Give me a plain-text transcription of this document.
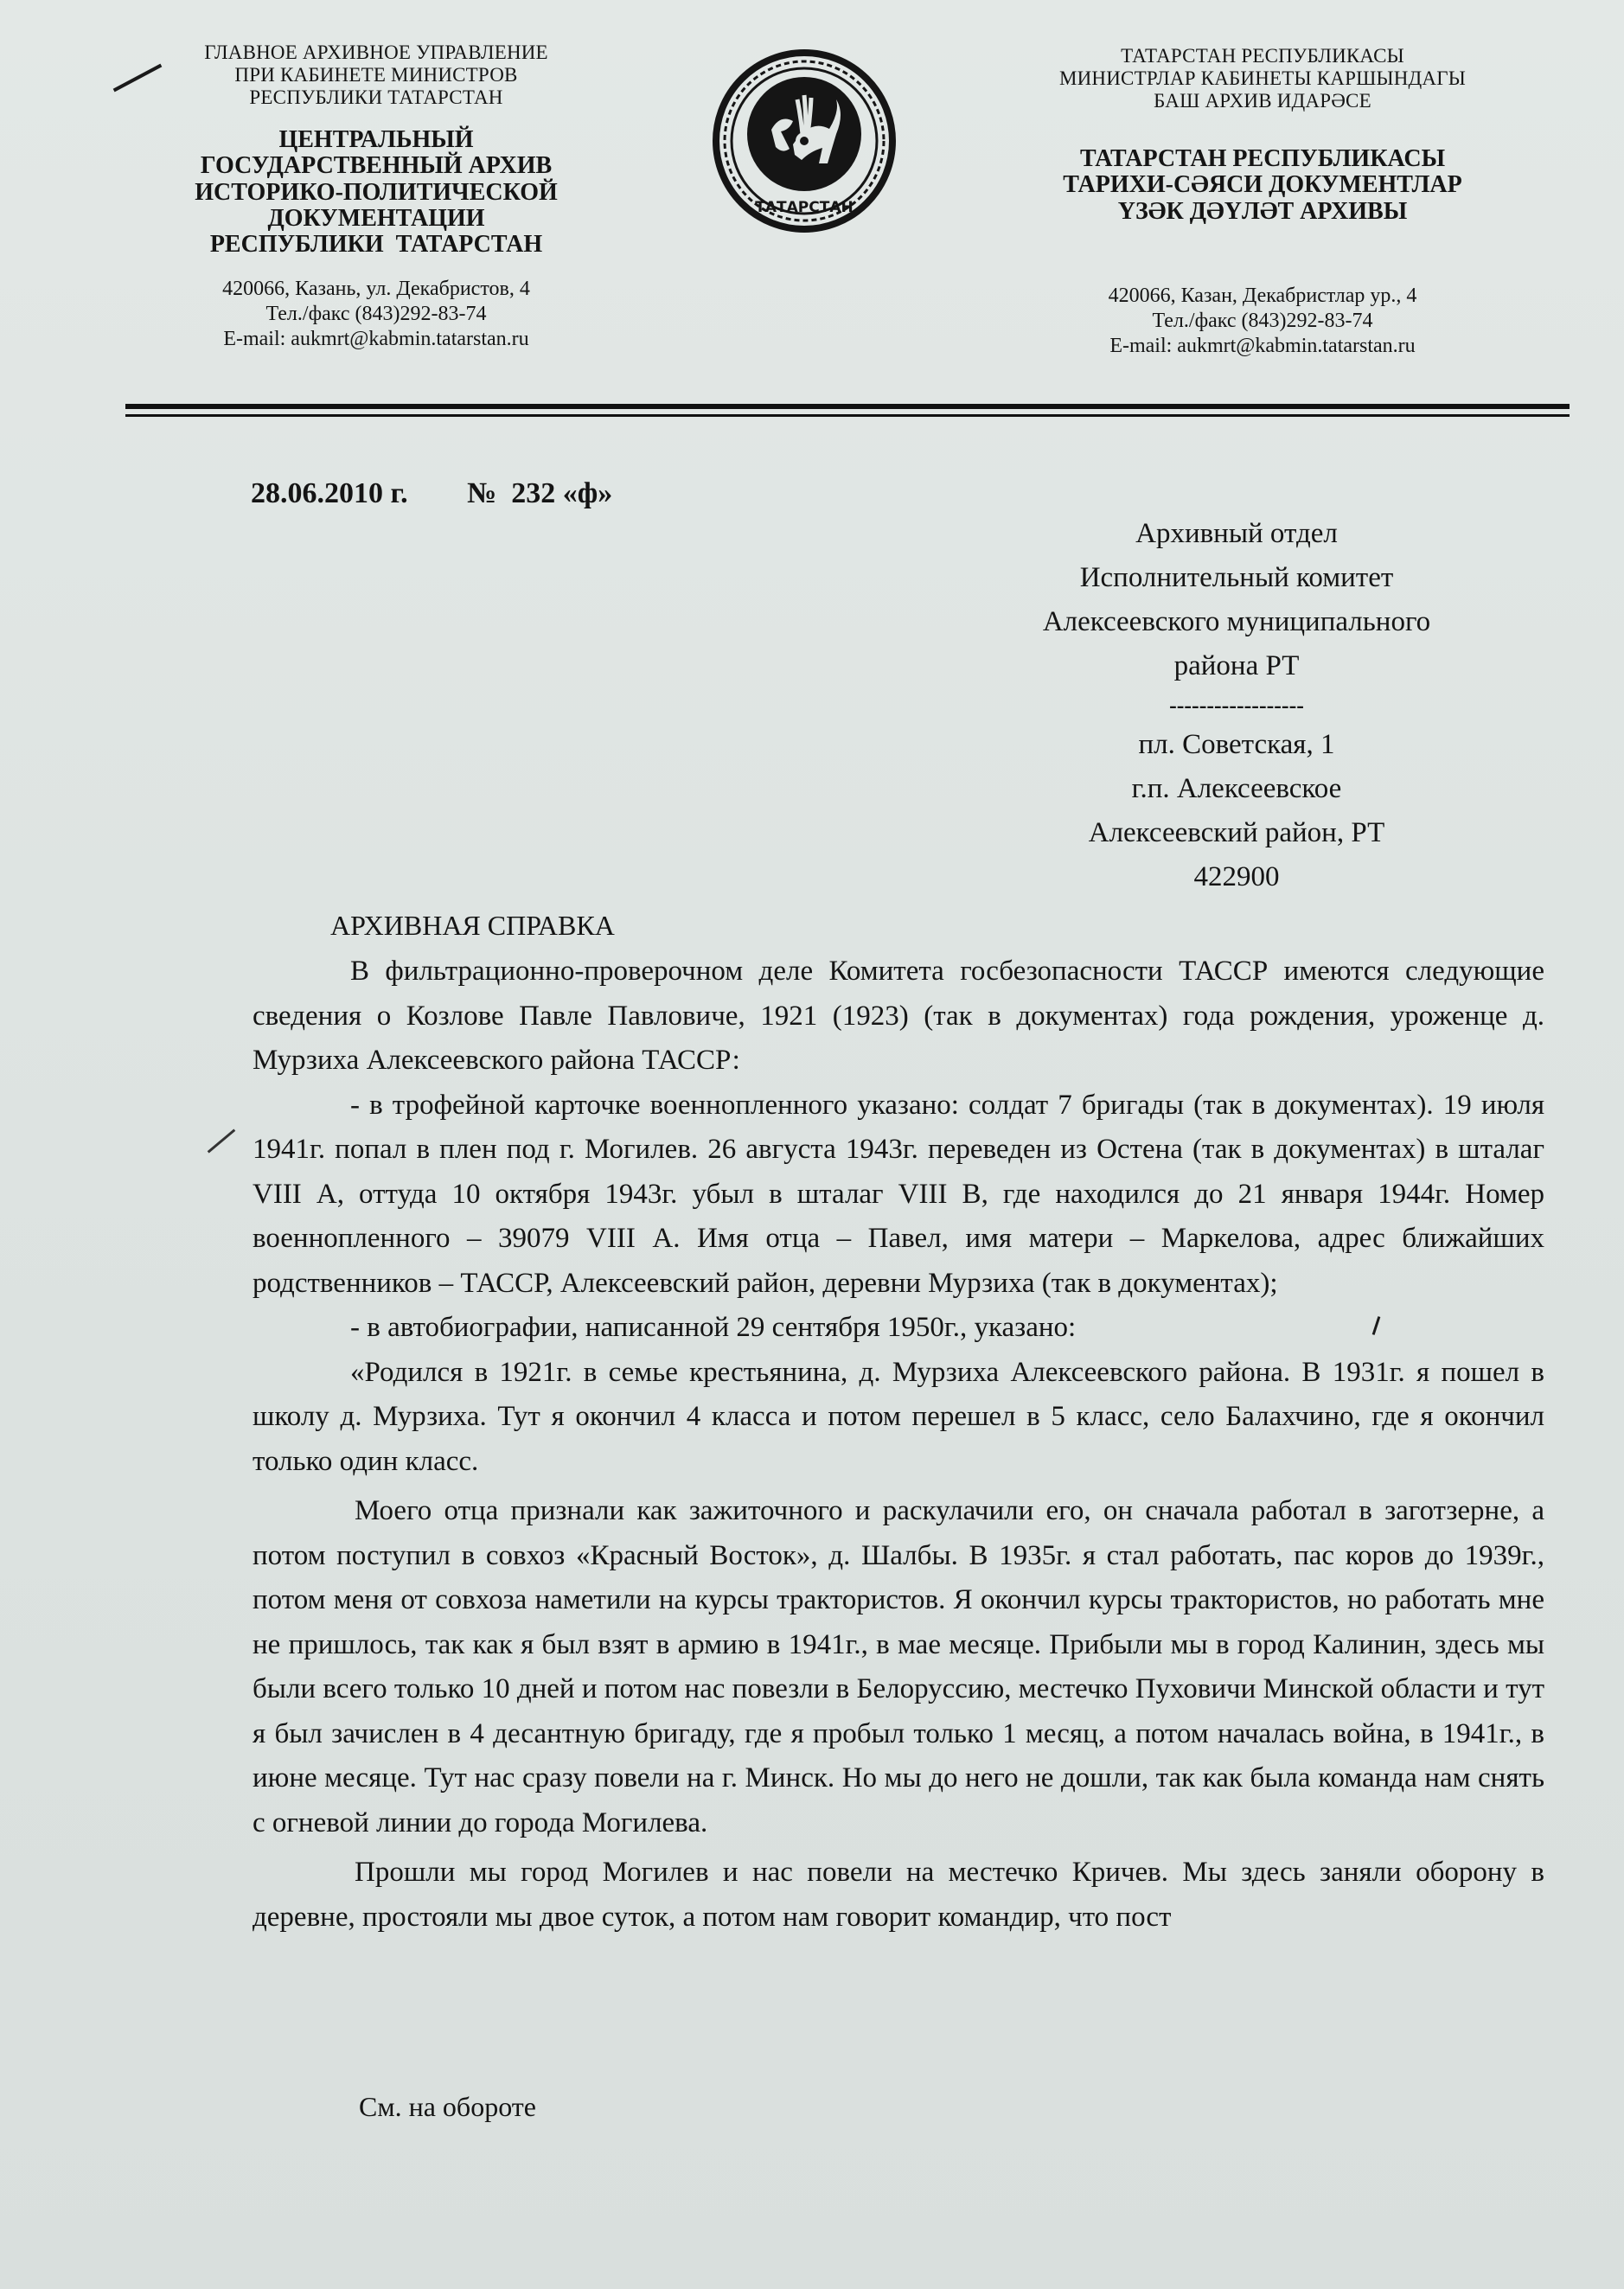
ГЛАВНОЕ АРХИВНОЕ УПРАВЛЕНИЕ
ПРИ КАБИНЕТЕ МИНИСТРОВ
РЕСПУБЛИКИ ТАТАРСТАН
ЦЕНТРАЛЬНЫЙ
ГОСУДАРСТВЕННЫЙ АРХИВ
ИСТОРИКО-ПОЛИТИЧЕСКОЙ
ДОКУМЕНТАЦИИ
РЕСПУБЛИКИ  ТАТАРСТАН
420066, Казань, ул. Декабристов, 4
Тел./факс (843)292-83-74
E-mail: aukmrt@kabmin.tatarstan.ru
ТАТАРСТАН
ТАТАРСТАН РЕСПУБЛИКАСЫ
МИНИСТРЛАР КАБИНЕТЫ КАРШЫНДАГЫ
БАШ АРХИВ ИДАРӘСЕ
ТАТАРСТАН РЕСПУБЛИКАСЫ
ТАРИХИ-СӘЯСИ ДОКУМЕНТЛАР
ҮЗӘК ДӘҮЛӘТ АРХИВЫ
420066, Казан, Декабристлар ур., 4
Тел./факс (843)292-83-74
E-mail: aukmrt@kabmin.tatarstan.ru
28.06.2010 г. №  232 «ф»
Архивный отдел
Исполнительный комитет
Алексеевского муниципального
района РТ
------------------
пл. Советская, 1
г.п. Алексеевское
Алексеевский район, РТ
422900
АРХИВНАЯ СПРАВКА

В фильтрационно-проверочном деле Комитета госбезопасности ТАССР имеются следующие сведения о Козлове Павле Павловиче, 1921 (1923) (так в документах) года рождения, уроженце д. Мурзиха Алексеевского района ТАССР:

- в трофейной карточке военнопленного указано: солдат 7 бригады (так в документах). 19 июля 1941г. попал в плен под г. Могилев. 26 августа 1943г. переведен из Остена (так в документах) в шталаг VIII А, оттуда 10 октября 1943г. убыл в шталаг VIII В, где находился до 21 января 1944г. Номер военнопленного – 39079 VIII А. Имя отца – Павел, имя матери – Маркелова, адрес ближайших родственников – ТАССР, Алексеевский район, деревни Мурзиха (так в документах);

- в автобиографии, написанной 29 сентября 1950г., указано:

«Родился в 1921г. в семье крестьянина, д. Мурзиха Алексеевского района. В 1931г. я пошел в школу д. Мурзиха. Тут я окончил 4 класса и потом перешел в 5 класс, село Балахчино, где я окончил только один класс.

Моего отца признали как зажиточного и раскулачили его, он сначала работал в заготзерне, а потом поступил в совхоз «Красный Восток», д. Шалбы. В 1935г. я стал работать, пас коров до 1939г., потом меня от совхоза наметили на курсы трактористов. Я окончил курсы трактористов, но работать мне не пришлось, так как я был взят в армию в 1941г., в мае месяце. Прибыли мы в город Калинин, здесь мы были всего только 10 дней и потом нас повезли в Белоруссию, местечко Пуховичи Минской области и тут я был зачислен в 4 десантную бригаду, где я пробыл только 1 месяц, а потом началась война, в 1941г., в июне месяце. Тут нас сразу повели на г. Минск. Но мы до него не дошли, так как была команда нам снять с огневой линии до города Могилева.

Прошли мы город Могилев и нас повели на местечко Кричев. Мы здесь заняли оборону в деревне, простояли мы двое суток, а потом нам говорит командир, что пост

См. на обороте
